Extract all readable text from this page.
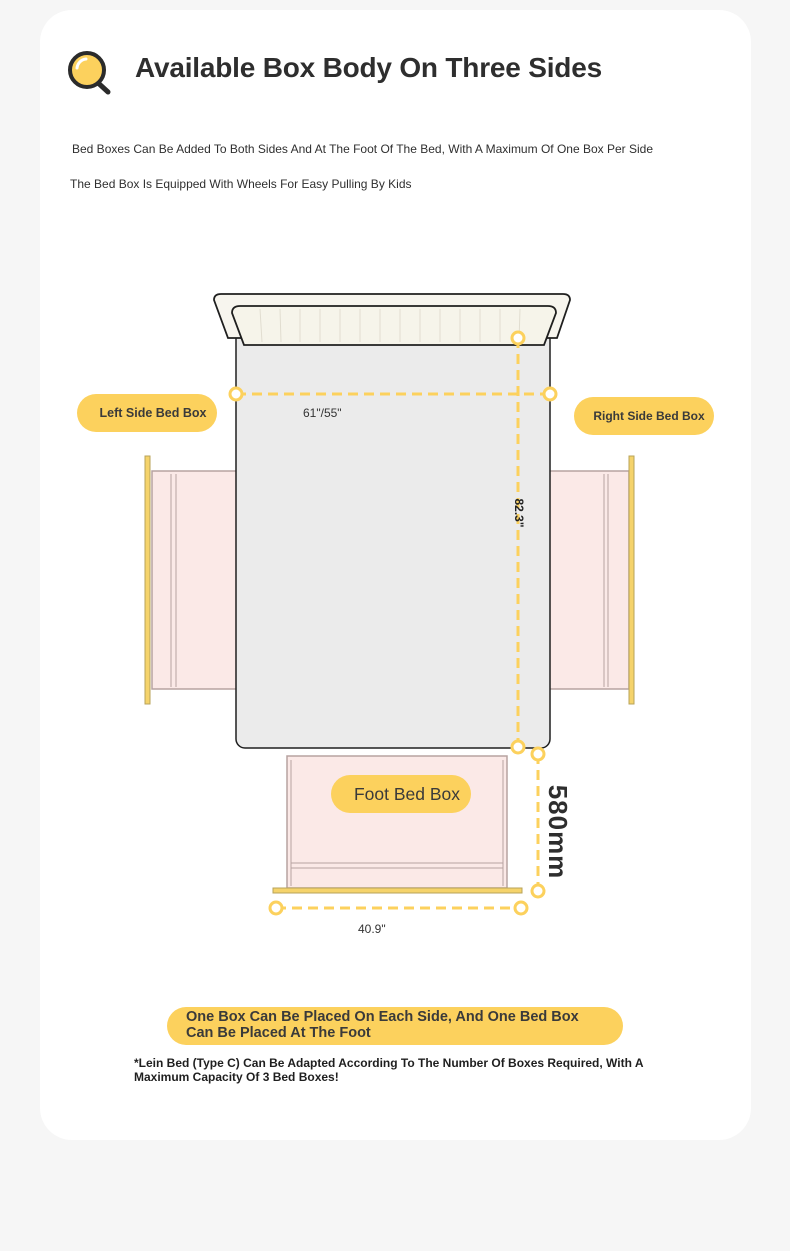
Available Box Body On Three Sides
Bed Boxes Can Be Added To Both Sides And At The Foot Of The Bed, With A Maximum Of One Box Per Side
The Bed Box Is Equipped With Wheels For Easy Pulling By Kids
Left Side Bed Box	Right Side Bed Box
Foot Bed Box
61"/55"
82.3"
580mm
40.9"
One Box Can Be Placed On Each Side, And One Bed Box Can Be Placed At The Foot
*Lein Bed (Type C) Can Be Adapted According To The Number Of Boxes Required, With A Maximum Capacity Of 3 Bed Boxes!
